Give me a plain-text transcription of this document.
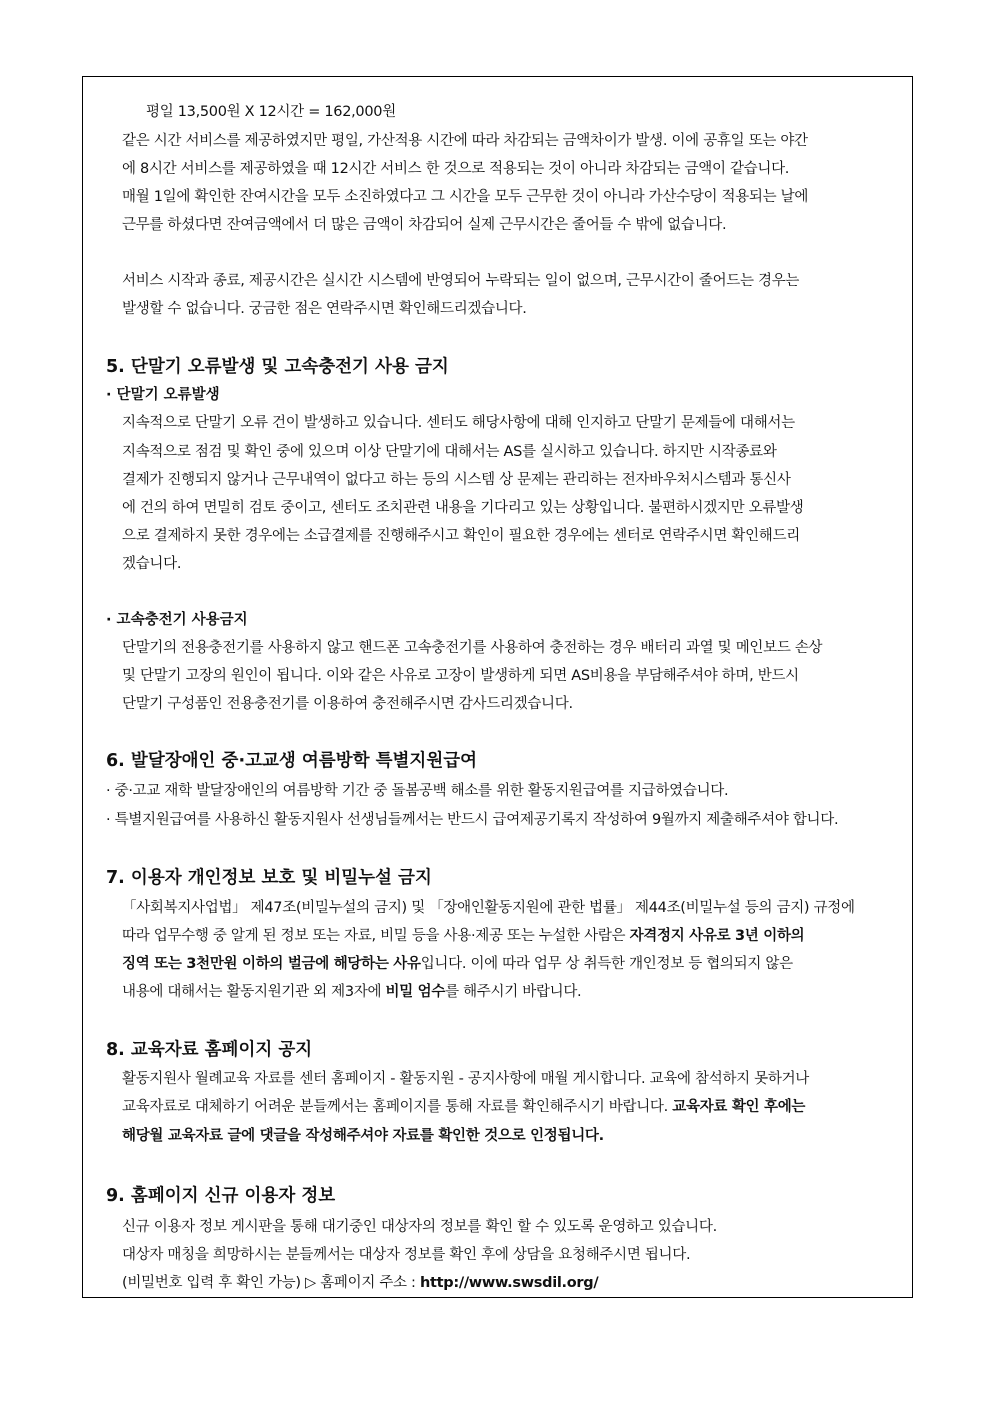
평일 13,500원 X 12시간 = 162,000원
같은 시간 서비스를 제공하였지만 평일, 가산적용 시간에 따라 차감되는 금액차이가 발생. 이에 공휴일 또는 야간
에 8시간 서비스를 제공하였을 때 12시간 서비스 한 것으로 적용되는 것이 아니라 차감되는 금액이 같습니다.
매월 1일에 확인한 잔여시간을 모두 소진하였다고 그 시간을 모두 근무한 것이 아니라 가산수당이 적용되는 날에
근무를 하셨다면 잔여금액에서 더 많은 금액이 차감되어 실제 근무시간은 줄어들 수 밖에 없습니다.
서비스 시작과 종료, 제공시간은 실시간 시스템에 반영되어 누락되는 일이 없으며, 근무시간이 줄어드는 경우는
발생할 수 없습니다. 궁금한 점은 연락주시면 확인해드리겠습니다.
5. 단말기 오류발생 및 고속충전기 사용 금지
· 단말기 오류발생
지속적으로 단말기 오류 건이 발생하고 있습니다. 센터도 해당사항에 대해 인지하고 단말기 문제들에 대해서는
지속적으로 점검 및 확인 중에 있으며 이상 단말기에 대해서는 AS를 실시하고 있습니다. 하지만 시작종료와
결제가 진행되지 않거나 근무내역이 없다고 하는 등의 시스템 상 문제는 관리하는 전자바우처시스템과 통신사
에 건의 하여 면밀히 검토 중이고, 센터도 조치관련 내용을 기다리고 있는 상황입니다. 불편하시겠지만 오류발생
으로 결제하지 못한 경우에는 소급결제를 진행해주시고 확인이 필요한 경우에는 센터로 연락주시면 확인해드리
겠습니다.
· 고속충전기 사용금지
단말기의 전용충전기를 사용하지 않고 핸드폰 고속충전기를 사용하여 충전하는 경우 배터리 과열 및 메인보드 손상
및 단말기 고장의 원인이 됩니다. 이와 같은 사유로 고장이 발생하게 되면 AS비용을 부담해주셔야 하며, 반드시
단말기 구성품인 전용충전기를 이용하여 충전해주시면 감사드리겠습니다.
6. 발달장애인 중·고교생 여름방학 특별지원급여
· 중·고교 재학 발달장애인의 여름방학 기간 중 돌봄공백 해소를 위한 활동지원급여를 지급하였습니다.
· 특별지원급여를 사용하신 활동지원사 선생님들께서는 반드시 급여제공기록지 작성하여 9월까지 제출해주셔야 합니다.
7. 이용자 개인정보 보호 및 비밀누설 금지
「사회복지사업법」 제47조(비밀누설의 금지) 및 「장애인활동지원에 관한 법률」 제44조(비밀누설 등의 금지) 규정에
따라 업무수행 중 알게 된 정보 또는 자료, 비밀 등을 사용·제공 또는 누설한 사람은 자격정지 사유로 3년 이하의
징역 또는 3천만원 이하의 벌금에 해당하는 사유입니다. 이에 따라 업무 상 취득한 개인정보 등 협의되지 않은
내용에 대해서는 활동지원기관 외 제3자에 비밀 엄수를 해주시기 바랍니다.
8. 교육자료 홈페이지 공지
활동지원사 월례교육 자료를 센터 홈페이지 - 활동지원 - 공지사항에 매월 게시합니다. 교육에 참석하지 못하거나
교육자료로 대체하기 어려운 분들께서는 홈페이지를 통해 자료를 확인해주시기 바랍니다. 교육자료 확인 후에는
해당월 교육자료 글에 댓글을 작성해주셔야 자료를 확인한 것으로 인정됩니다.
9. 홈페이지 신규 이용자 정보
신규 이용자 정보 게시판을 통해 대기중인 대상자의 정보를 확인 할 수 있도록 운영하고 있습니다.
대상자 매칭을 희망하시는 분들께서는 대상자 정보를 확인 후에 상담을 요청해주시면 됩니다.
(비밀번호 입력 후 확인 가능) ▷ 홈페이지 주소 : http://www.swsdil.org/
